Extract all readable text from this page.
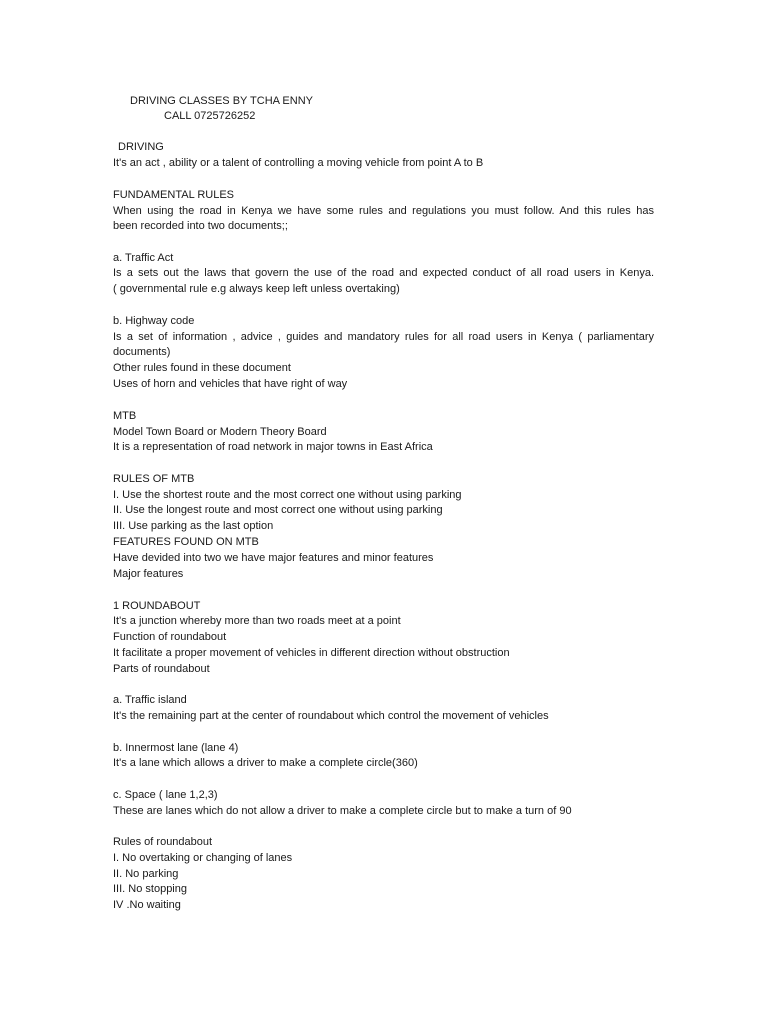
DRIVING CLASSES BY TCHA ENNY
CALL 0725726252
DRIVING
It's an act , ability or a talent of controlling a moving vehicle from point A to B
FUNDAMENTAL RULES
When using the road in Kenya we have some rules and regulations you must follow. And this rules has
been recorded into two documents;;
a. Traffic Act
Is a sets out the laws that govern the use of the road and expected conduct of all road users in Kenya.
( governmental rule e.g always keep left unless overtaking)
b. Highway code
Is a set of information , advice , guides and mandatory rules for all road users in Kenya ( parliamentary
documents)
Other rules found in these document
Uses of horn and vehicles that have right of way
MTB
Model Town Board or Modern Theory Board
It is a representation of road network in major towns in East Africa
RULES OF MTB
I. Use the shortest route and the most correct one without using parking
II. Use the longest route and most correct one without using parking
III. Use parking as the last option
FEATURES FOUND ON MTB
Have devided into two we have major features and minor features
Major features
1 ROUNDABOUT
It's a junction whereby more than two roads meet at a point
Function of roundabout
It facilitate a proper movement of vehicles in different direction without obstruction
Parts of roundabout
a. Traffic island
It's the remaining part at the center of roundabout which control the movement of vehicles
b. Innermost lane (lane 4)
It's a lane which allows a driver to make a complete circle(360)
c. Space ( lane 1,2,3)
These are lanes which do not allow a driver to make a complete circle but to make a turn of 90
Rules of roundabout
I. No overtaking or changing of lanes
II. No parking
III. No stopping
IV .No waiting
